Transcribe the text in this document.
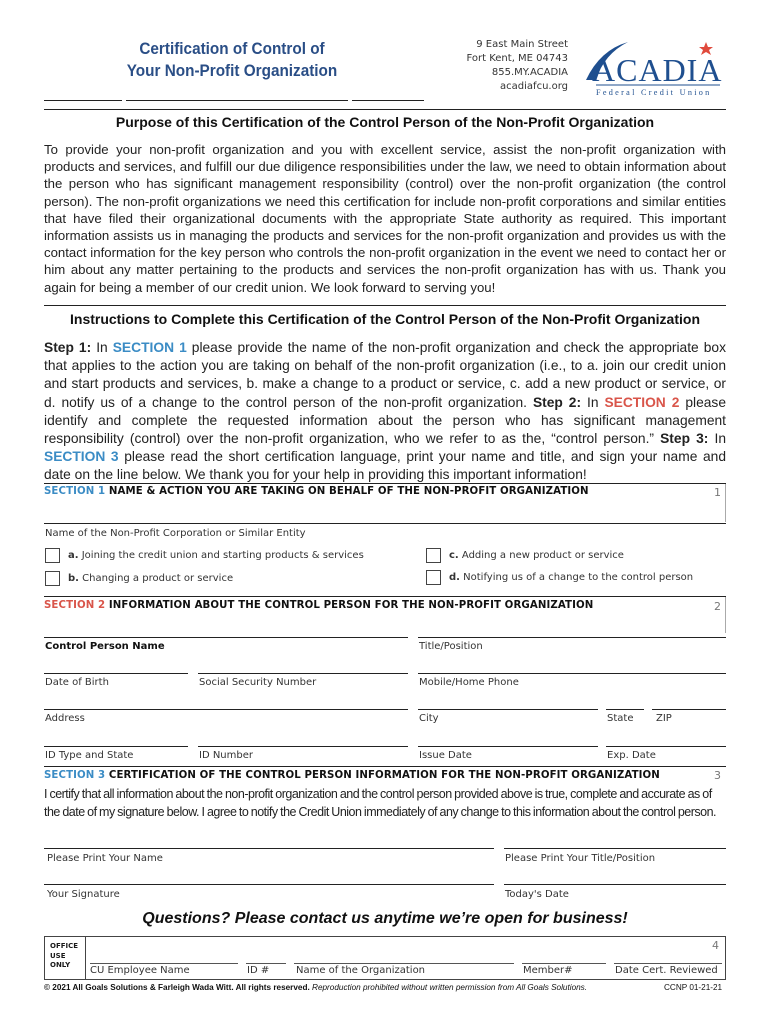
Certification of Control of
Your Non-Profit Organization
9 East Main Street
Fort Kent, ME 04743
855.MY.ACADIA
acadiafcu.org ACADIA
Federal Credit Union
Purpose of this Certification of the Control Person of the Non-Profit Organization
To provide your non-profit organization and you with excellent service, assist the non-profit organization with products and services, and fulfill our due diligence responsibilities under the law, we need to obtain information about the person who has significant management responsibility (control) over the non-profit organization (the control person). The non-profit organizations we need this certification for include non-profit corporations and similar entities that have filed their organizational documents with the appropriate State authority as required. This important information assists us in managing the products and services for the non-profit organization and provides us with the contact information for the key person who controls the non-profit organization in the event we need to contact her or him about any matter pertaining to the products and services the non-profit organization has with us. Thank you again for being a member of our credit union. We look forward to serving you!
Instructions to Complete this Certification of the Control Person of the Non-Profit Organization
Step 1: In SECTION 1 please provide the name of the non-profit organization and check the appropriate box that applies to the action you are taking on behalf of the non-profit organization (i.e., to a. join our credit union and start products and services, b. make a change to a product or service, c. add a new product or service, or d. notify us of a change to the control person of the non-profit organization. Step 2: In SECTION 2 please identify and complete the requested information about the person who has significant management responsibility (control) over the non-profit organization, who we refer to as the, “control person.” Step 3: In SECTION 3 please read the short certification language, print your name and title, and sign your name and date on the line below. We thank you for your help in providing this important information!
SECTION 1 NAME & ACTION YOU ARE TAKING ON BEHALF OF THE NON-PROFIT ORGANIZATION	1
Name of the Non-Profit Corporation or Similar Entity
a. Joining the credit union and starting products & services
b. Changing a product or service
c. Adding a new product or service
d. Notifying us of a change to the control person
SECTION 2 INFORMATION ABOUT THE CONTROL PERSON FOR THE NON-PROFIT ORGANIZATION	2
Control Person Name	Title/Position
Date of Birth	Social Security Number	Mobile/Home Phone
Address	City	State ZIP
ID Type and State	ID Number	Issue Date	Exp. Date
SECTION 3 CERTIFICATION OF THE CONTROL PERSON INFORMATION FOR THE NON-PROFIT ORGANIZATION	3
I certify that all information about the non-profit organization and the control person provided above is true, complete and accurate as of the date of my signature below. I agree to notify the Credit Union immediately of any change to this information about the control person.
Please Print Your Name	Please Print Your Title/Position
Your Signature	Today's Date
Questions? Please contact us anytime we’re open for business!
OFFICE
USE
ONLY
4
CU Employee Name	ID #	Name of the Organization	Member#	Date Cert. Reviewed
© 2021 All Goals Solutions & Farleigh Wada Witt. All rights reserved. Reproduction prohibited without written permission from All Goals Solutions.	CCNP 01-21-21
